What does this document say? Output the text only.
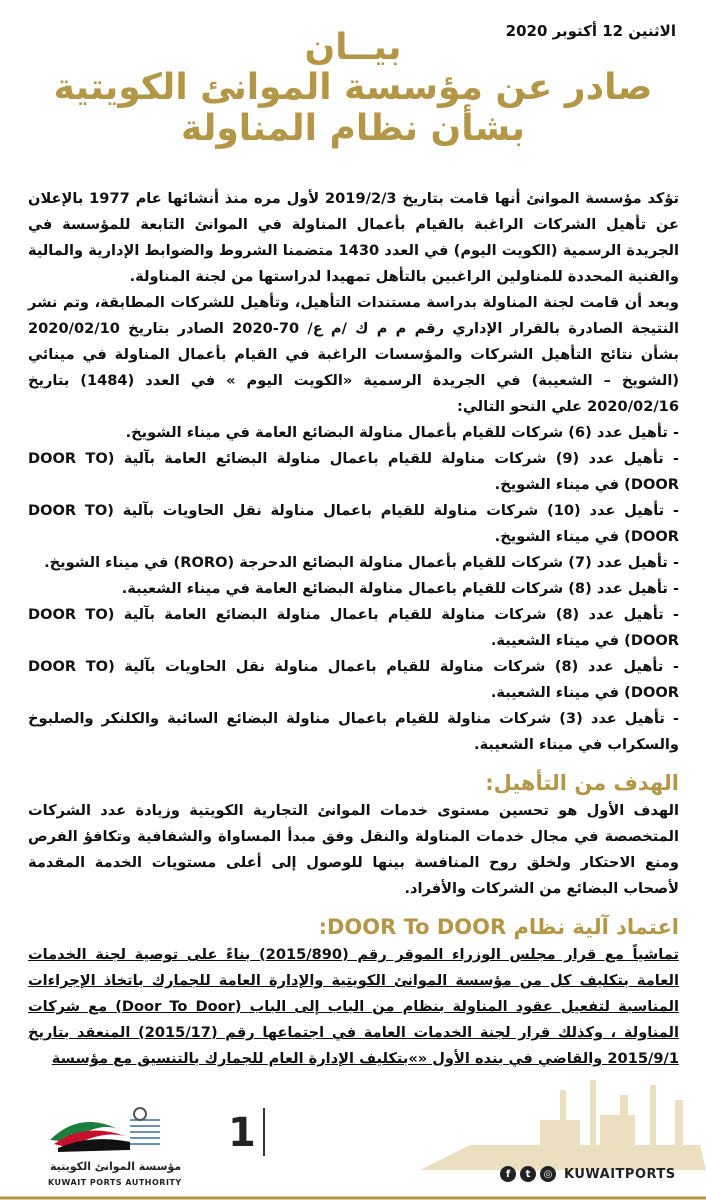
الاثنين 12 أكتوبر 2020
بيــان
صادر عن مؤسسة الموانئ الكويتية
بشأن نظام المناولة

تؤكد مؤسسة الموانئ أنها قامت بتاريخ 2019/2/3 لأول مره منذ أنشائها عام 1977 بالإعلان عن تأهيل الشركات الراغبة بالقيام بأعمال المناولة في الموانئ التابعة للمؤسسة في الجريدة الرسمية (الكويت اليوم) في العدد 1430 متضمنا الشروط والضوابط الإدارية والمالية والفنية المحددة للمناولين الراغبين بالتأهل تمهيدا لدراستها من لجنة المناولة.

وبعد أن قامت لجنة المناولة بدراسة مستندات التأهيل، وتأهيل للشركات المطابقة، وتم نشر النتيجة الصادرة بالقرار الإداري رقم م م ك /م ع/ 70-2020 الصادر بتاريخ 2020/02/10 بشأن نتائج التأهيل الشركات والمؤسسات الراغبة في القيام بأعمال المناولة في مينائي (الشويخ – الشعيبة) في الجريدة الرسمية «الكويت اليوم » في العدد (1484) بتاريخ 2020/02/16 علي النحو التالي:

- تأهيل عدد (6) شركات للقيام بأعمال مناولة البضائع العامة في ميناء الشويخ.

- تأهيل عدد (9) شركات مناولة للقيام باعمال مناولة البضائع العامة بآلية (DOOR TO DOOR) في ميناء الشويخ.

- تأهيل عدد (10) شركات مناولة للقيام باعمال مناولة نقل الحاويات بآلية (DOOR TO DOOR) في ميناء الشويخ.

- تأهيل عدد (7) شركات للقيام بأعمال مناولة البضائع الدحرجة (RORO) في ميناء الشويخ.

- تأهيل عدد (8) شركات للقيام باعمال مناولة البضائع العامة في ميناء الشعيبة.

- تأهيل عدد (8) شركات مناولة للقيام باعمال مناولة البضائع العامة بآلية (DOOR TO DOOR) في ميناء الشعيبة.

- تأهيل عدد (8) شركات مناولة للقيام باعمال مناولة نقل الحاويات بآلية (DOOR TO DOOR) في ميناء الشعيبة.

- تأهيل عدد (3) شركات مناولة للقيام باعمال مناولة البضائع السائبة والكلنكر والصلبوخ والسكراب في ميناء الشعيبة.

الهدف من التأهيل:

الهدف الأول هو تحسين مستوى خدمات الموانئ التجارية الكويتية وزيادة عدد الشركات المتخصصة في مجال خدمات المناولة والنقل وفق مبدأ المساواة والشفافية وتكافؤ الفرص ومنع الاحتكار ولخلق روح المنافسة بينها للوصول إلى أعلى مستويات الخدمة المقدمة لأصحاب البضائع من الشركات والأفراد.

اعتماد آلية نظام DOOR To DOOR:

تماشياً مع قرار مجلس الوزراء الموقر رقم (2015/890) بناءً على توصية لجنة الخدمات العامة بتكليف كل من مؤسسة الموانئ الكويتية والإدارة العامة للجمارك باتخاذ الإجراءات المناسبة لتفعيل عقود المناولة بنظام من الباب إلى الباب (Door To Door) مع شركات المناولة ، وكذلك قرار لجنة الخدمات العامة في اجتماعها رقم (2015/17) المنعقد بتاريخ 2015/9/1 والقاضي في بنده الأول «»بتكليف الإدارة العام للجمارك بالتنسيق مع مؤسسة

مؤسسة الموانئ الكويتية
KUWAIT PORTS AUTHORITY
1
f	t	◎ KUWAITPORTS
